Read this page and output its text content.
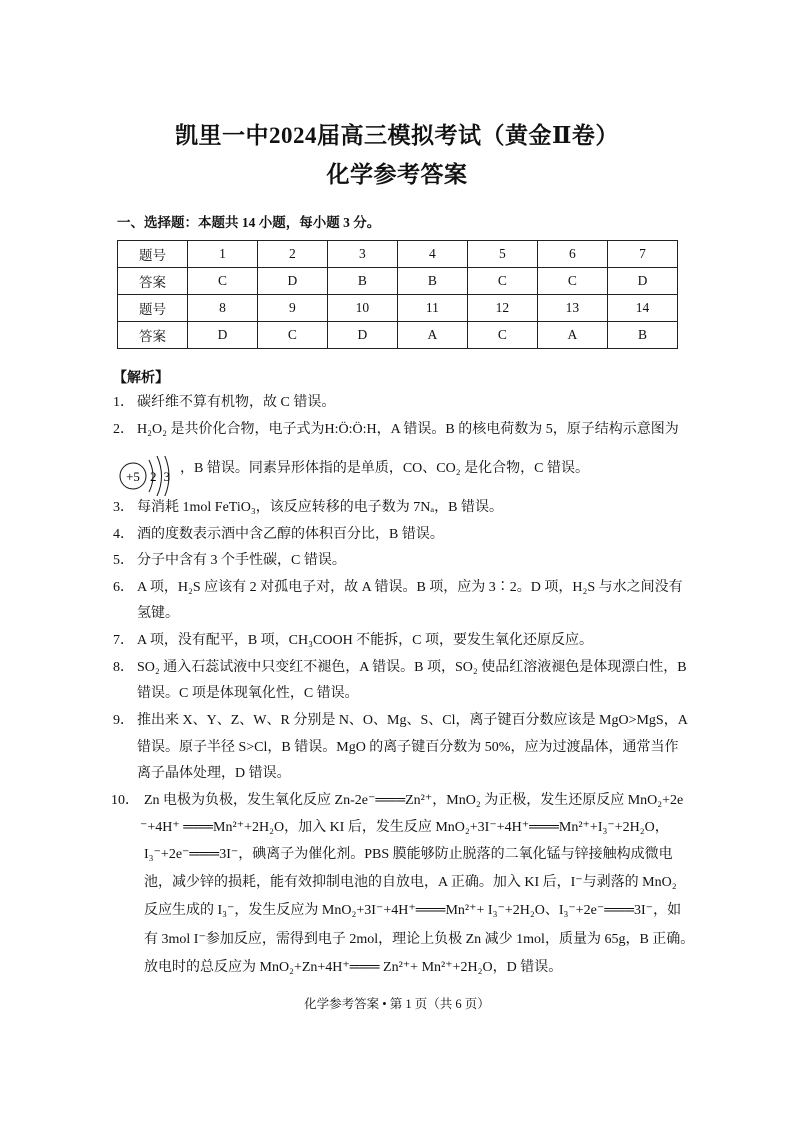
凯里一中2024届高三模拟考试（黄金Ⅱ卷）
化学参考答案
一、选择题：本题共 14 小题，每小题 3 分。
题号	1	2	3	4	5	6	7
答案	C	D	B	B	C	C	D
题号	8	9	10	11	12	13	14
答案	D	C	D	A	C	A	B
【解析】
1． 碳纤维不算有机物，故 C 错误。
2． H₂O₂ 是共价化合物，电子式为H:Ö:Ö:H，A 错误。B 的核电荷数为 5，原子结构示意图为
，B 错误。同素异形体指的是单质，CO、CO₂ 是化合物，C 错误。
3． 每消耗 1mol FeTiO₃，该反应转移的电子数为 7Nₐ，B 错误。
4． 酒的度数表示酒中含乙醇的体积百分比，B 错误。
5． 分子中含有 3 个手性碳，C 错误。
6． A 项，H₂S 应该有 2 对孤电子对，故 A 错误。B 项，应为 3∶2。D 项，H₂S 与水之间没有
氢键。
7． A 项，没有配平，B 项，CH₃COOH 不能拆，C 项，要发生氧化还原反应。
8． SO₂ 通入石蕊试液中只变红不褪色，A 错误。B 项，SO₂ 使品红溶液褪色是体现漂白性，B
错误。C 项是体现氧化性，C 错误。
9． 推出来 X、Y、Z、W、R 分别是 N、O、Mg、S、Cl，离子键百分数应该是 MgO>MgS，A
错误。原子半径 S>Cl，B 错误。MgO 的离子键百分数为 50%，应为过渡晶体，通常当作
离子晶体处理，D 错误。
10． Zn 电极为负极，发生氧化反应 Zn-2e⁻═══Zn²⁺，MnO₂ 为正极，发生还原反应 MnO₂+2e
⁻+4H⁺ ═══Mn²⁺+2H₂O，加入 KI 后，发生反应 MnO₂+3I⁻+4H⁺═══Mn²⁺+I₃⁻+2H₂O，
I₃⁻+2e⁻═══3I⁻，碘离子为催化剂。PBS 膜能够防止脱落的二氧化锰与锌接触构成微电
池，减少锌的损耗，能有效抑制电池的自放电，A 正确。加入 KI 后，I⁻与剥落的 MnO₂
反应生成的 I₃⁻，发生反应为 MnO₂+3I⁻+4H⁺═══Mn²⁺+ I₃⁻+2H₂O、I₃⁻+2e⁻═══3I⁻，如
有 3mol I⁻参加反应，需得到电子 2mol，理论上负极 Zn 减少 1mol，质量为 65g，B 正确。
放电时的总反应为 MnO₂+Zn+4H⁺═══ Zn²⁺+ Mn²⁺+2H₂O，D 错误。
+5 2 3
化学参考答案 • 第 1 页（共 6 页）
